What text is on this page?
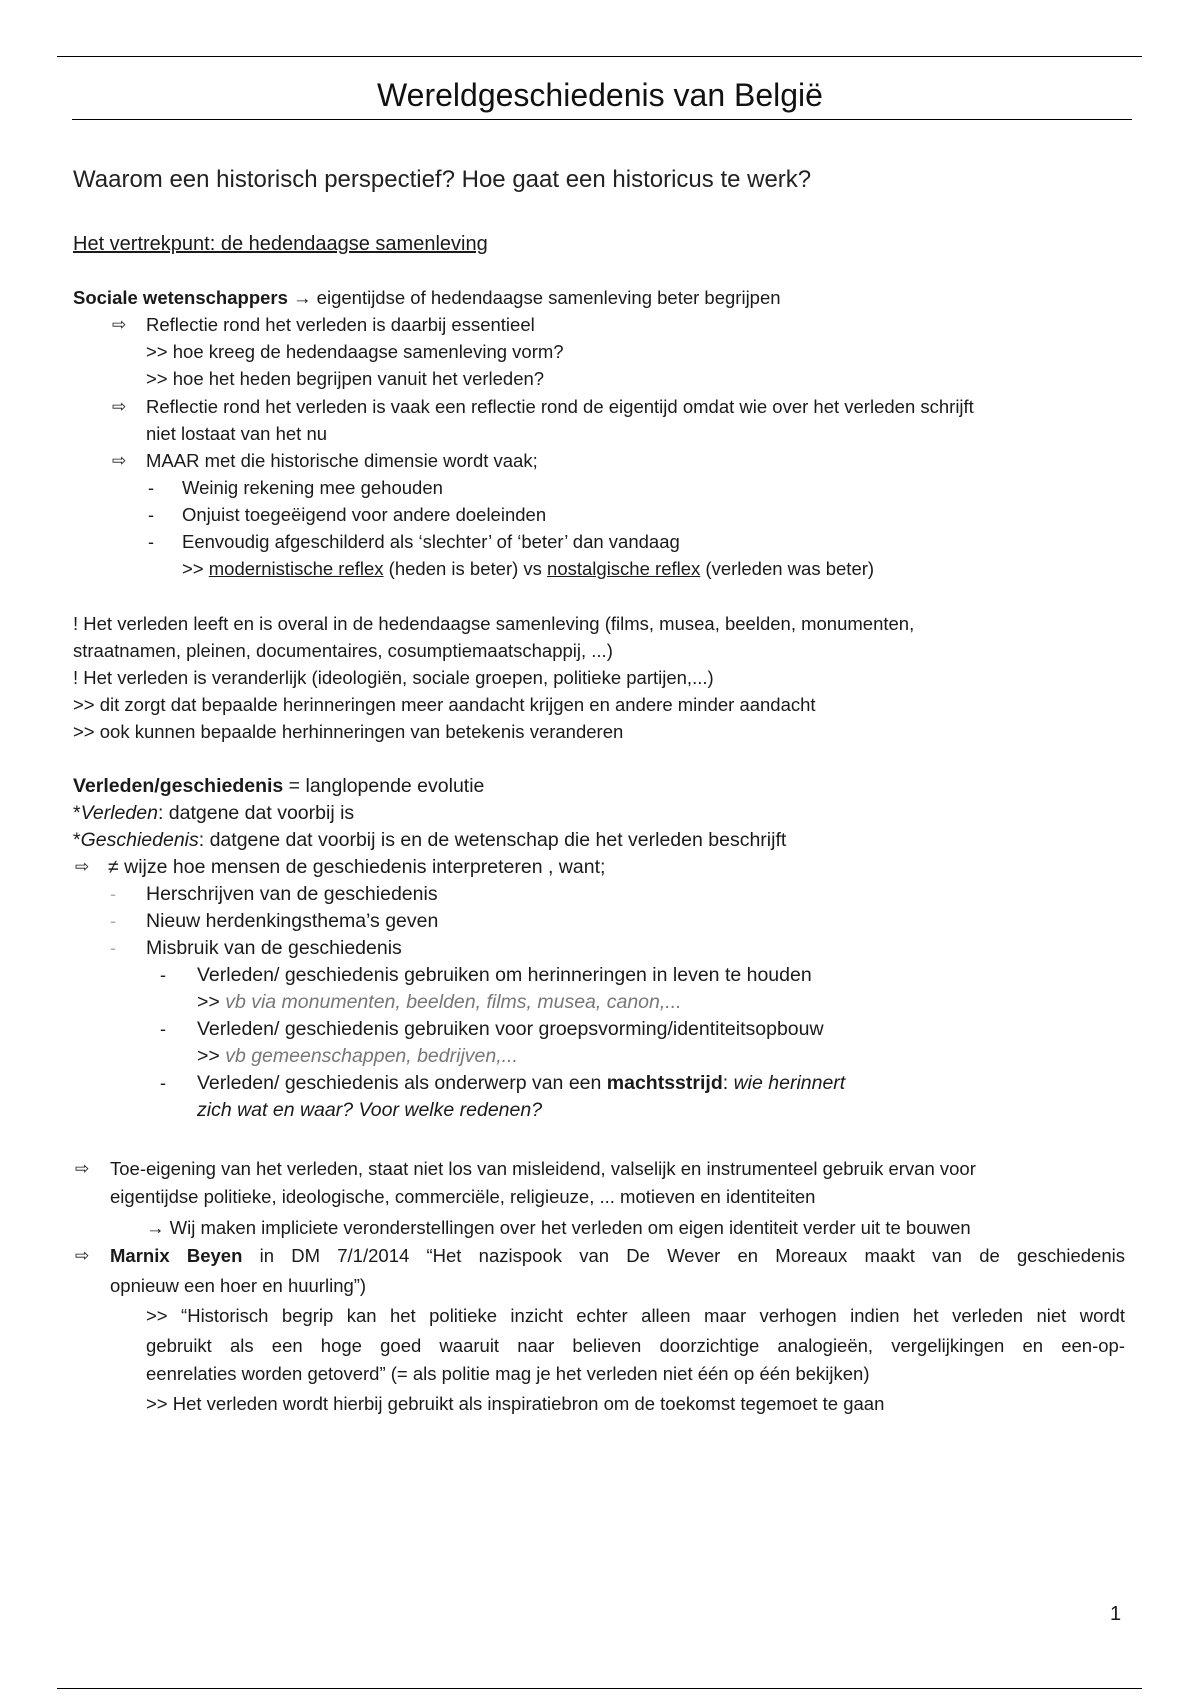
Wereldgeschiedenis van België
Waarom een historisch perspectief? Hoe gaat een historicus te werk?
Het vertrekpunt: de hedendaagse samenleving
Sociale wetenschappers → eigentijdse of hedendaagse samenleving beter begrijpen
⇨ Reflectie rond het verleden is daarbij essentieel
>> hoe kreeg de hedendaagse samenleving vorm?
>> hoe het heden begrijpen vanuit het verleden?
⇨ Reflectie rond het verleden is vaak een reflectie rond de eigentijd omdat wie over het verleden schrijft
niet lostaat van het nu
⇨ MAAR met die historische dimensie wordt vaak;
- Weinig rekening mee gehouden
- Onjuist toegeëigend voor andere doeleinden
- Eenvoudig afgeschilderd als ‘slechter’ of ‘beter’ dan vandaag
>> modernistische reflex (heden is beter) vs nostalgische reflex (verleden was beter)
! Het verleden leeft en is overal in de hedendaagse samenleving (films, musea, beelden, monumenten,
straatnamen, pleinen, documentaires, cosumptiemaatschappij, ...)
! Het verleden is veranderlijk (ideologiën, sociale groepen, politieke partijen,...)
>> dit zorgt dat bepaalde herinneringen meer aandacht krijgen en andere minder aandacht
>> ook kunnen bepaalde herhinneringen van betekenis veranderen
Verleden/geschiedenis = langlopende evolutie
*Verleden: datgene dat voorbij is
*Geschiedenis: datgene dat voorbij is en de wetenschap die het verleden beschrijft
⇨ ≠ wijze hoe mensen de geschiedenis interpreteren , want;
- Herschrijven van de geschiedenis
- Nieuw herdenkingsthema’s geven
- Misbruik van de geschiedenis
- Verleden/ geschiedenis gebruiken om herinneringen in leven te houden
>> vb via monumenten, beelden, films, musea, canon,...
- Verleden/ geschiedenis gebruiken voor groepsvorming/identiteitsopbouw
>> vb gemeenschappen, bedrijven,...
- Verleden/ geschiedenis als onderwerp van een machtsstrijd: wie herinnert
zich wat en waar? Voor welke redenen?
⇨ Toe-eigening van het verleden, staat niet los van misleidend, valselijk en instrumenteel gebruik ervan voor
eigentijdse politieke, ideologische, commerciële, religieuze, ... motieven en identiteiten
→ Wij maken impliciete veronderstellingen over het verleden om eigen identiteit verder uit te bouwen
⇨ Marnix Beyen in DM 7/1/2014 “Het nazispook van De Wever en Moreaux maakt van de geschiedenis
opnieuw een hoer en huurling”)
>> “Historisch begrip kan het politieke inzicht echter alleen maar verhogen indien het verleden niet wordt
gebruikt als een hoge goed waaruit naar believen doorzichtige analogieën, vergelijkingen en een-op-
eenrelaties worden getoverd” (= als politie mag je het verleden niet één op één bekijken)
>> Het verleden wordt hierbij gebruikt als inspiratiebron om de toekomst tegemoet te gaan
1
